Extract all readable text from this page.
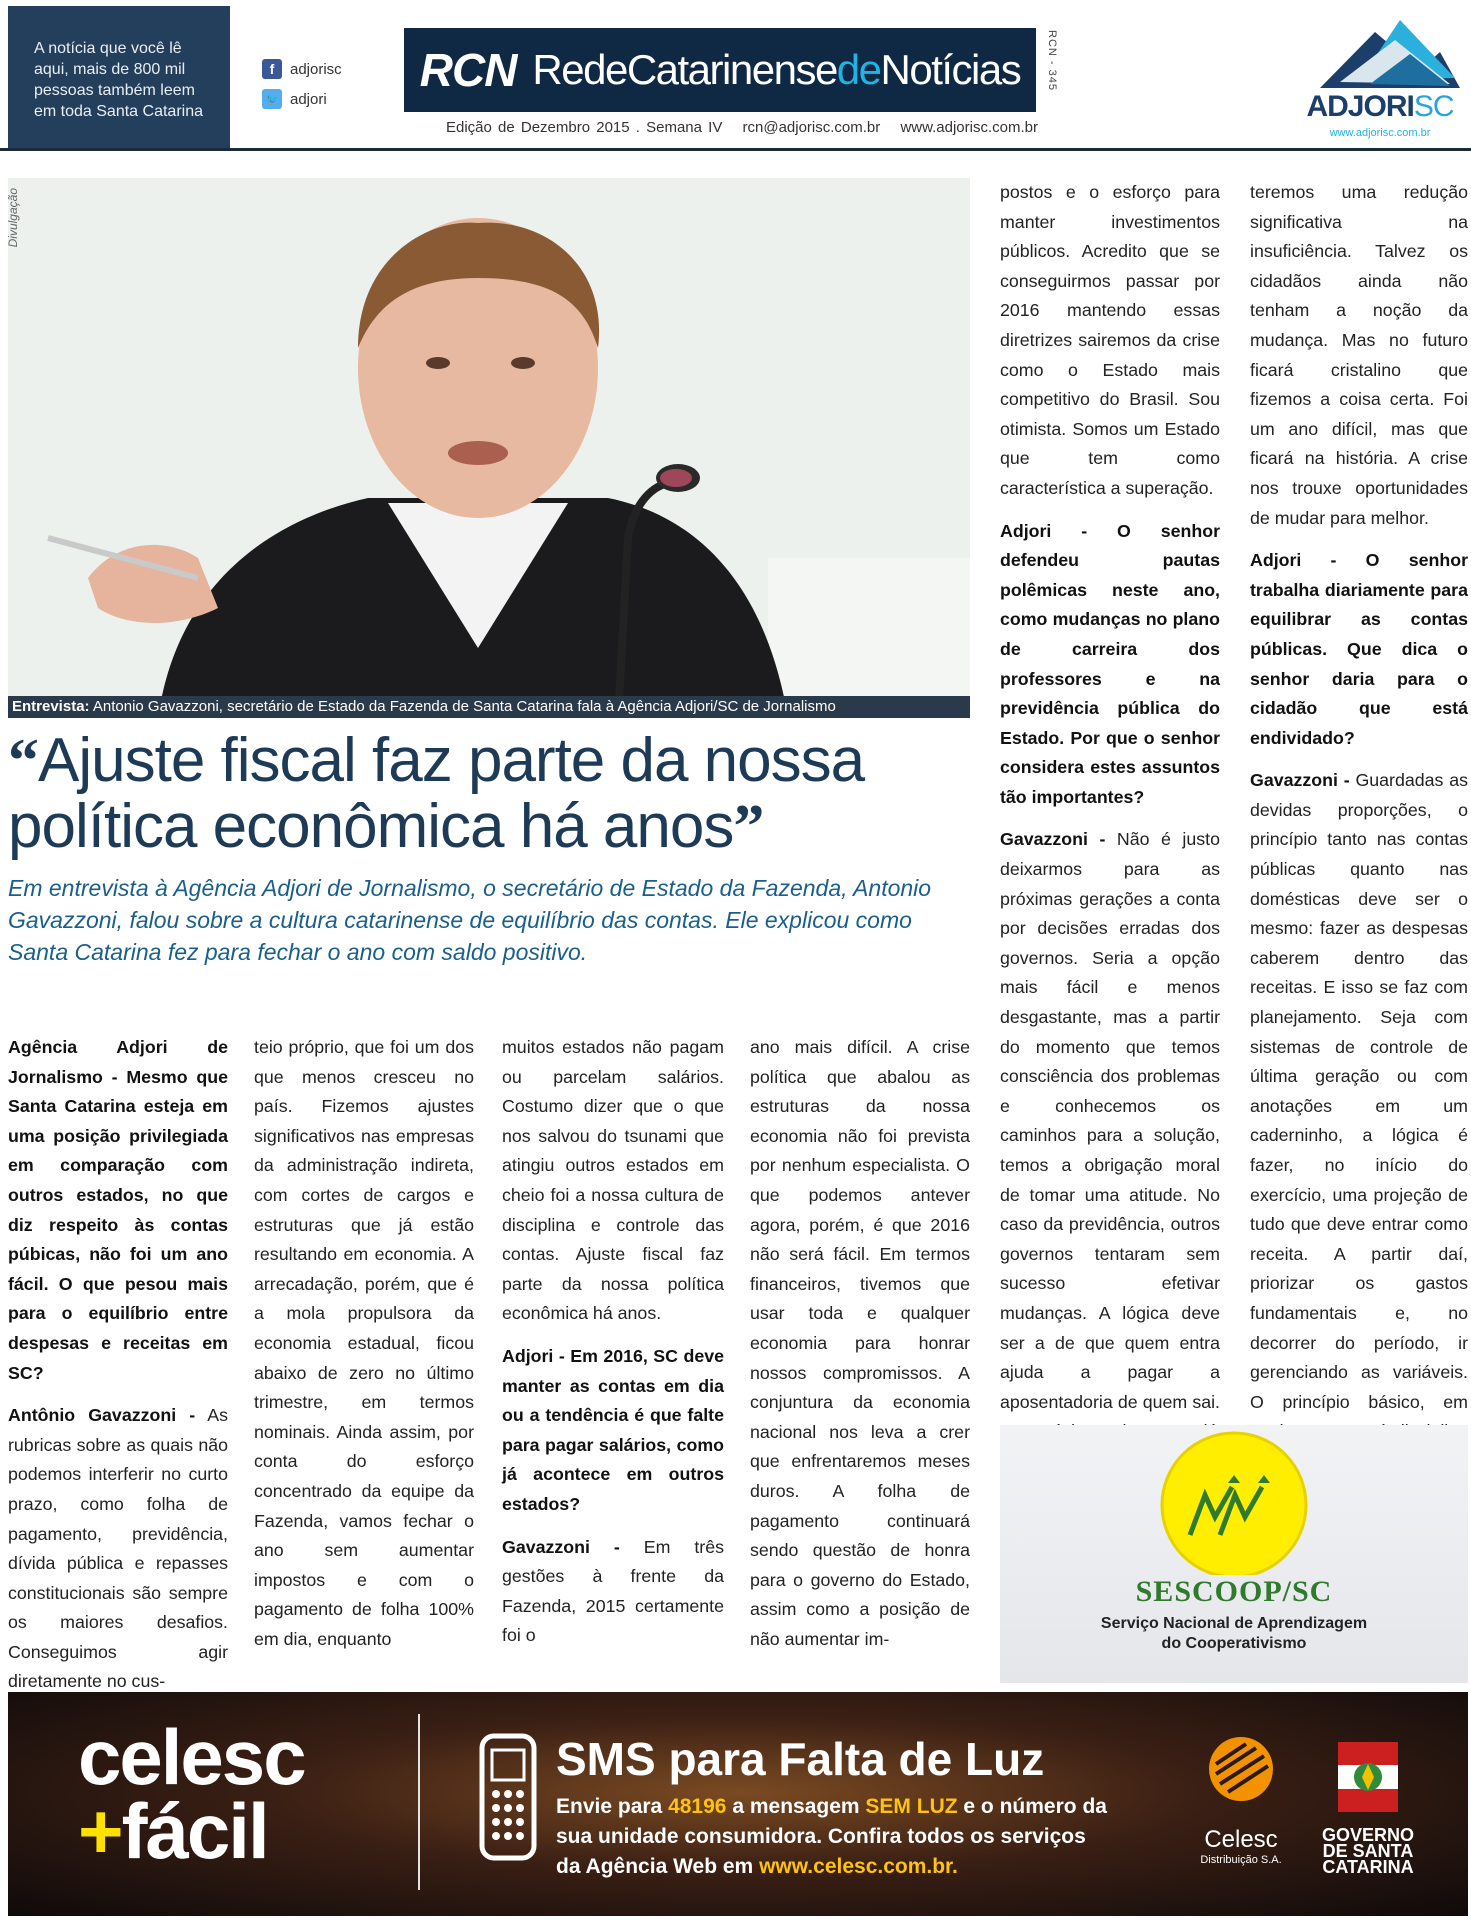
A notícia que você lê aqui, mais de 800 mil pessoas também leem em toda Santa Catarina
f	adjorisc
🐦 adjori
RCN RedeCatarinensedeNotícias RCN - 345
Edição de Dezembro 2015 . Semana IV rcn@adjorisc.com.br www.adjorisc.com.br
ADJORISC
www.adjorisc.com.br
Divulgação
Entrevista: Antonio Gavazzoni, secretário de Estado da Fazenda de Santa Catarina fala à Agência Adjori/SC de Jornalismo
“Ajuste fiscal faz parte da nossa
política econômica há anos”
Em entrevista à Agência Adjori de Jornalismo, o secretário de Estado da Fazenda, Antonio Gavazzoni, falou sobre a cultura catarinense de equilíbrio das contas. Ele explicou como Santa Catarina fez para fechar o ano com saldo positivo.

Agência Adjori de Jornalismo - Mesmo que Santa Catarina esteja em uma posição privilegiada em comparação com outros estados, no que diz respeito às contas púbicas, não foi um ano fácil. O que pesou mais para o equilíbrio entre despesas e receitas em SC?

Antônio Gavazzoni - As rubricas sobre as quais não podemos interferir no curto prazo, como folha de pagamento, previdência, dívida pública e repasses constitucionais são sempre os maiores desafios. Conseguimos agir diretamente no cus-

teio próprio, que foi um dos que menos cresceu no país. Fizemos ajustes significativos nas empresas da administração indireta, com cortes de cargos e estruturas que já estão resultando em economia. A arrecadação, porém, que é a mola propulsora da economia estadual, ficou abaixo de zero no último trimestre, em termos nominais. Ainda assim, por conta do esforço concentrado da equipe da Fazenda, vamos fechar o ano sem aumentar impostos e com o pagamento de folha 100% em dia, enquanto

muitos estados não pagam ou parcelam salários. Costumo dizer que o que nos salvou do tsunami que atingiu outros estados em cheio foi a nossa cultura de disciplina e controle das contas. Ajuste fiscal faz parte da nossa política econômica há anos.

Adjori - Em 2016, SC deve manter as contas em dia ou a tendência é que falte para pagar salários, como já acontece em outros estados?

Gavazzoni - Em três gestões à frente da Fazenda, 2015 certamente foi o

ano mais difícil. A crise política que abalou as estruturas da nossa economia não foi prevista por nenhum especialista. O que podemos antever agora, porém, é que 2016 não será fácil. Em termos financeiros, tivemos que usar toda e qualquer economia para honrar nossos compromissos. A conjuntura da economia nacional nos leva a crer que enfrentaremos meses duros. A folha de pagamento continuará sendo questão de honra para o governo do Estado, assim como a posição de não aumentar im-

postos e o esforço para manter investimentos públicos. Acredito que se conseguirmos passar por 2016 mantendo essas diretrizes sairemos da crise como o Estado mais competitivo do Brasil. Sou otimista. Somos um Estado que tem como característica a superação.

Adjori - O senhor defendeu pautas polêmicas neste ano, como mudanças no plano de carreira dos professores e na previdência pública do Estado. Por que o senhor considera estes assuntos tão importantes?

Gavazzoni - Não é justo deixarmos para as próximas gerações a conta por decisões erradas dos governos. Seria a opção mais fácil e menos desgastante, mas a partir do momento que temos consciência dos problemas e conhecemos os caminhos para a solução, temos a obrigação moral de tomar uma atitude. No caso da previdência, outros governos tentaram sem sucesso efetivar mudanças. A lógica deve ser a de que quem entra ajuda a pagar a aposentadoria de quem sai.

teremos uma redução significativa na insuficiência. Talvez os cidadãos ainda não tenham a noção da mudança. Mas no futuro ficará cristalino que fizemos a coisa certa. Foi um ano difícil, mas que ficará na história. A crise nos trouxe oportunidades de mudar para melhor.

Adjori - O senhor trabalha diariamente para equilibrar as contas públicas. Que dica o senhor daria para o cidadão que está endividado?

Gavazzoni - Guardadas as devidas proporções, o princípio tanto nas contas públicas quanto nas domésticas deve ser o mesmo: fazer as despesas caberem dentro das receitas. E isso se faz com planejamento. Seja com sistemas de controle de última geração ou com anotações em um caderninho, a lógica é fazer, no início do exercício, uma projeção de tudo que deve entrar como receita. A partir daí, priorizar os gastos fundamentais e, no decorrer do período, ir gerenciando as variáveis. O princípio básico, em

SESCOOP/SC
Serviço Nacional de Aprendizagem
do Cooperativismo
celesc
+fácil
SMS para Falta de Luz
Envie para 48196 a mensagem SEM LUZ e o número da sua unidade consumidora. Confira todos os serviços da Agência Web em www.celesc.com.br.
Celesc
Distribuição S.A.
GOVERNO
DE SANTA
CATARINA
